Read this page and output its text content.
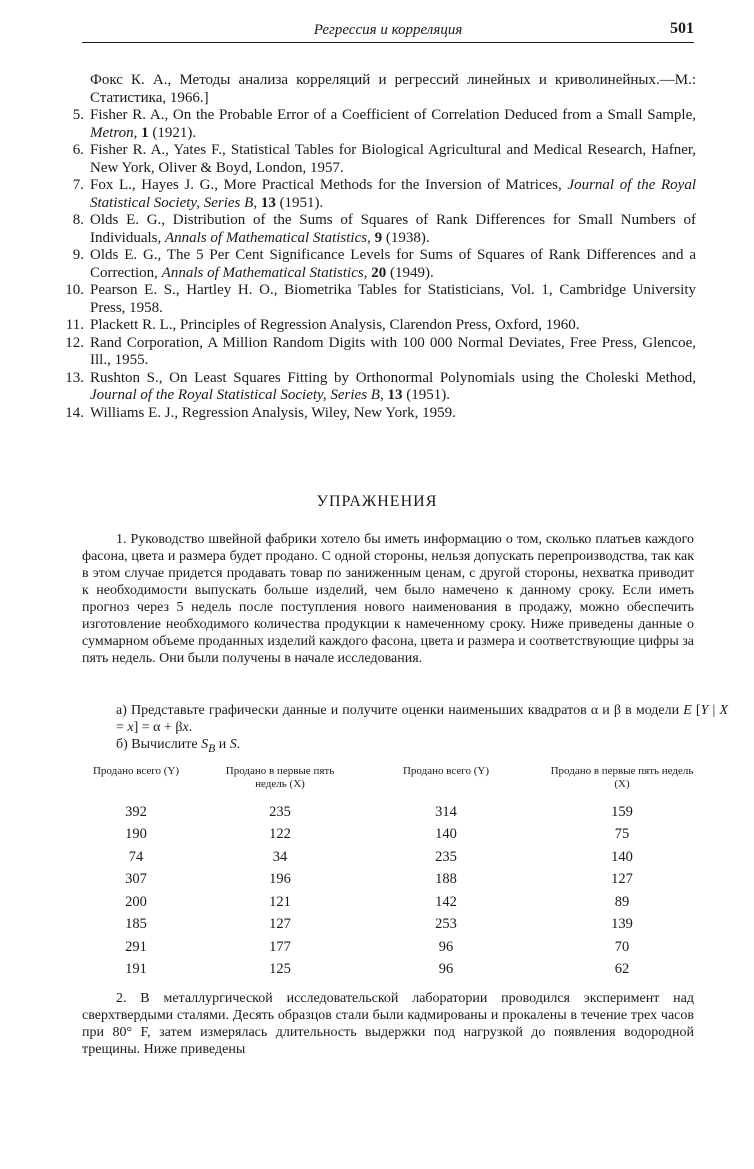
Регрессия и корреляция	501
Фокс К. А., Методы анализа корреляций и регрессий линейных и криволинейных.—М.: Статистика, 1966.]
5. Fisher R. A., On the Probable Error of a Coefficient of Correlation Deduced from a Small Sample, Metron, 1 (1921).
6. Fisher R. A., Yates F., Statistical Tables for Biological Agricultural and Medical Research, Hafner, New York, Oliver & Boyd, London, 1957.
7. Fox L., Hayes J. G., More Practical Methods for the Inversion of Matrices, Journal of the Royal Statistical Society, Series B, 13 (1951).
8. Olds E. G., Distribution of the Sums of Squares of Rank Differences for Small Numbers of Individuals, Annals of Mathematical Statistics, 9 (1938).
9. Olds E. G., The 5 Per Cent Significance Levels for Sums of Squares of Rank Differences and a Correction, Annals of Mathematical Statistics, 20 (1949).
10. Pearson E. S., Hartley H. O., Biometrika Tables for Statisticians, Vol. 1, Cambridge University Press, 1958.
11. Plackett R. L., Principles of Regression Analysis, Clarendon Press, Oxford, 1960.
12. Rand Corporation, A Million Random Digits with 100 000 Normal Deviates, Free Press, Glencoe, Ill., 1955.
13. Rushton S., On Least Squares Fitting by Orthonormal Polynomials using the Choleski Method, Journal of the Royal Statistical Society, Series B, 13 (1951).
14. Williams E. J., Regression Analysis, Wiley, New York, 1959.
УПРАЖНЕНИЯ
1. Руководство швейной фабрики хотело бы иметь информацию о том, сколько платьев каждого фасона, цвета и размера будет продано. С одной стороны, нельзя допускать перепроизводства, так как в этом случае придется продавать товар по заниженным ценам, с другой стороны, нехватка приводит к необходимости выпускать больше изделий, чем было намечено к данному сроку. Если иметь прогноз через 5 недель после поступления нового наименования в продажу, можно обеспечить изготовление необходимого количества продукции к намеченному сроку. Ниже приведены данные о суммарном объеме проданных изделий каждого фасона, цвета и размера и соответствующие цифры за пять недель. Они были получены в начале исследования.
а) Представьте графически данные и получите оценки наименьших квадратов α и β в модели E [Y | X = x] = α + βx.
б) Вычислите $S_B$ и S.
Продано всего (Y)	Продано в первые пять недель (X)
Продано всего (Y)	Продано в первые пять недель (X)
392	235	314	159
190	122	140	75
74	34	235	140
307	196	188	127
200	121	142	89
185	127	253	139
291	177	96	70
191	125	96	62
2. В металлургической исследовательской лаборатории проводился эксперимент над сверхтвердыми сталями. Десять образцов стали были кадмированы и прокалены в течение трех часов при 80° F, затем измерялась длительность выдержки под нагрузкой до появления водородной трещины. Ниже приведены
